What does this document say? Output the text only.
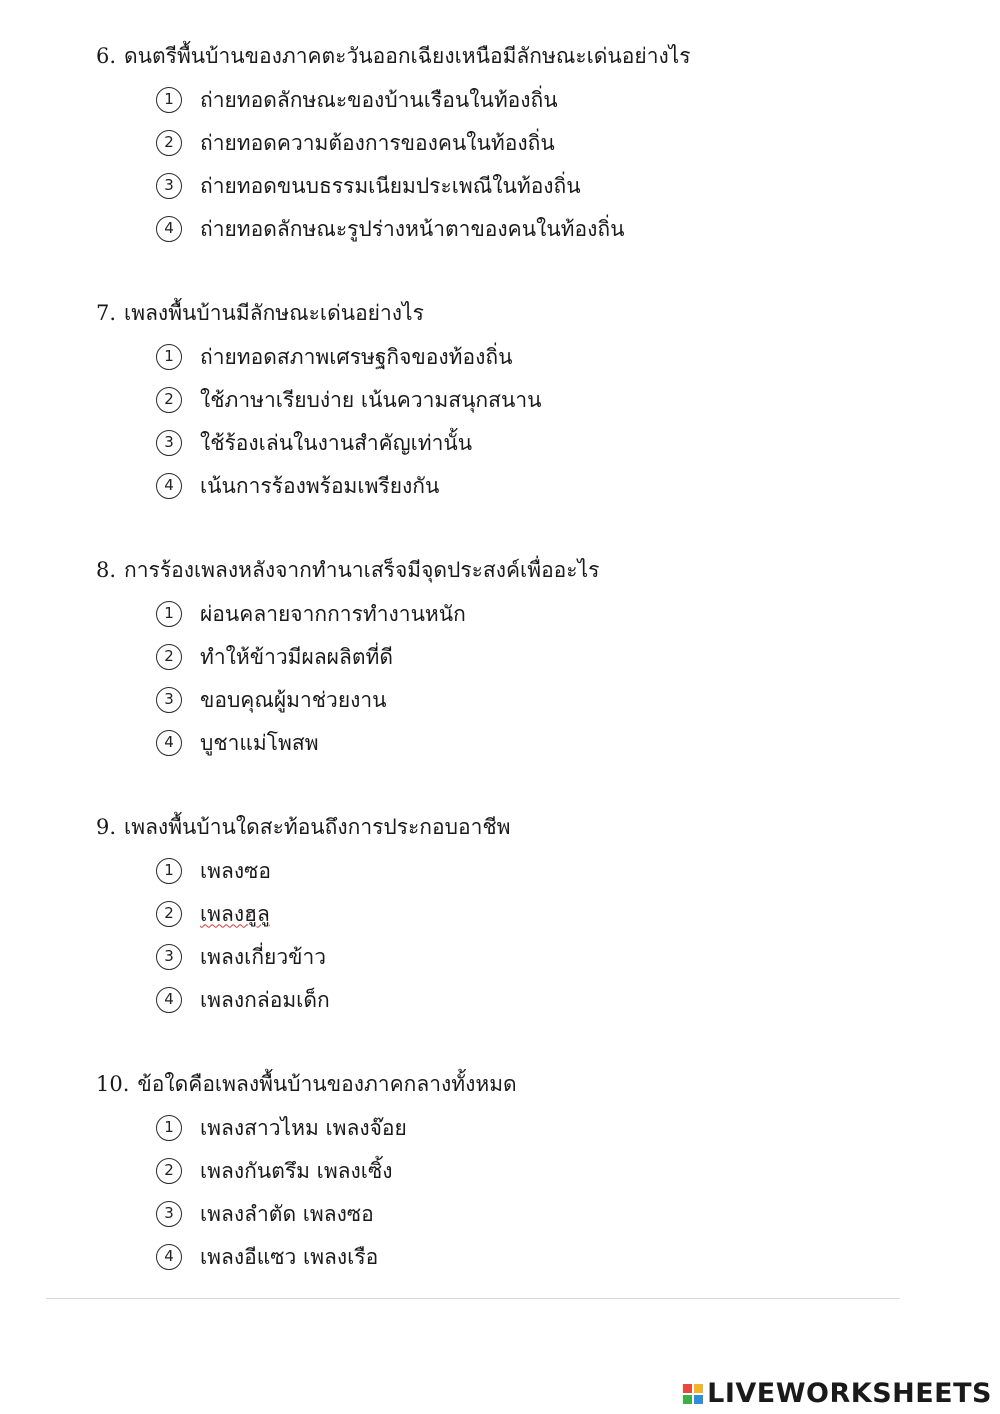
6. ดนตรีพื้นบ้านของภาคตะวันออกเฉียงเหนือมีลักษณะเด่นอย่างไร

1	ถ่ายทอดลักษณะของบ้านเรือนในท้องถิ่น
2	ถ่ายทอดความต้องการของคนในท้องถิ่น
3	ถ่ายทอดขนบธรรมเนียมประเพณีในท้องถิ่น
4	ถ่ายทอดลักษณะรูปร่างหน้าตาของคนในท้องถิ่น

7. เพลงพื้นบ้านมีลักษณะเด่นอย่างไร

1	ถ่ายทอดสภาพเศรษฐกิจของท้องถิ่น
2	ใช้ภาษาเรียบง่าย เน้นความสนุกสนาน
3	ใช้ร้องเล่นในงานสำคัญเท่านั้น
4	เน้นการร้องพร้อมเพรียงกัน

8. การร้องเพลงหลังจากทำนาเสร็จมีจุดประสงค์เพื่ออะไร

1	ผ่อนคลายจากการทำงานหนัก
2	ทำให้ข้าวมีผลผลิตที่ดี
3	ขอบคุณผู้มาช่วยงาน
4	บูชาแม่โพสพ

9. เพลงพื้นบ้านใดสะท้อนถึงการประกอบอาชีพ

1	เพลงซอ
2	เพลงฮูลู
3	เพลงเกี่ยวข้าว
4	เพลงกล่อมเด็ก

10. ข้อใดคือเพลงพื้นบ้านของภาคกลางทั้งหมด

1	เพลงสาวไหม เพลงจ๊อย
2	เพลงกันตรึม เพลงเซิ้ง
3	เพลงลำตัด เพลงซอ
4	เพลงอีแซว เพลงเรือ
LIVEWORKSHEETS
